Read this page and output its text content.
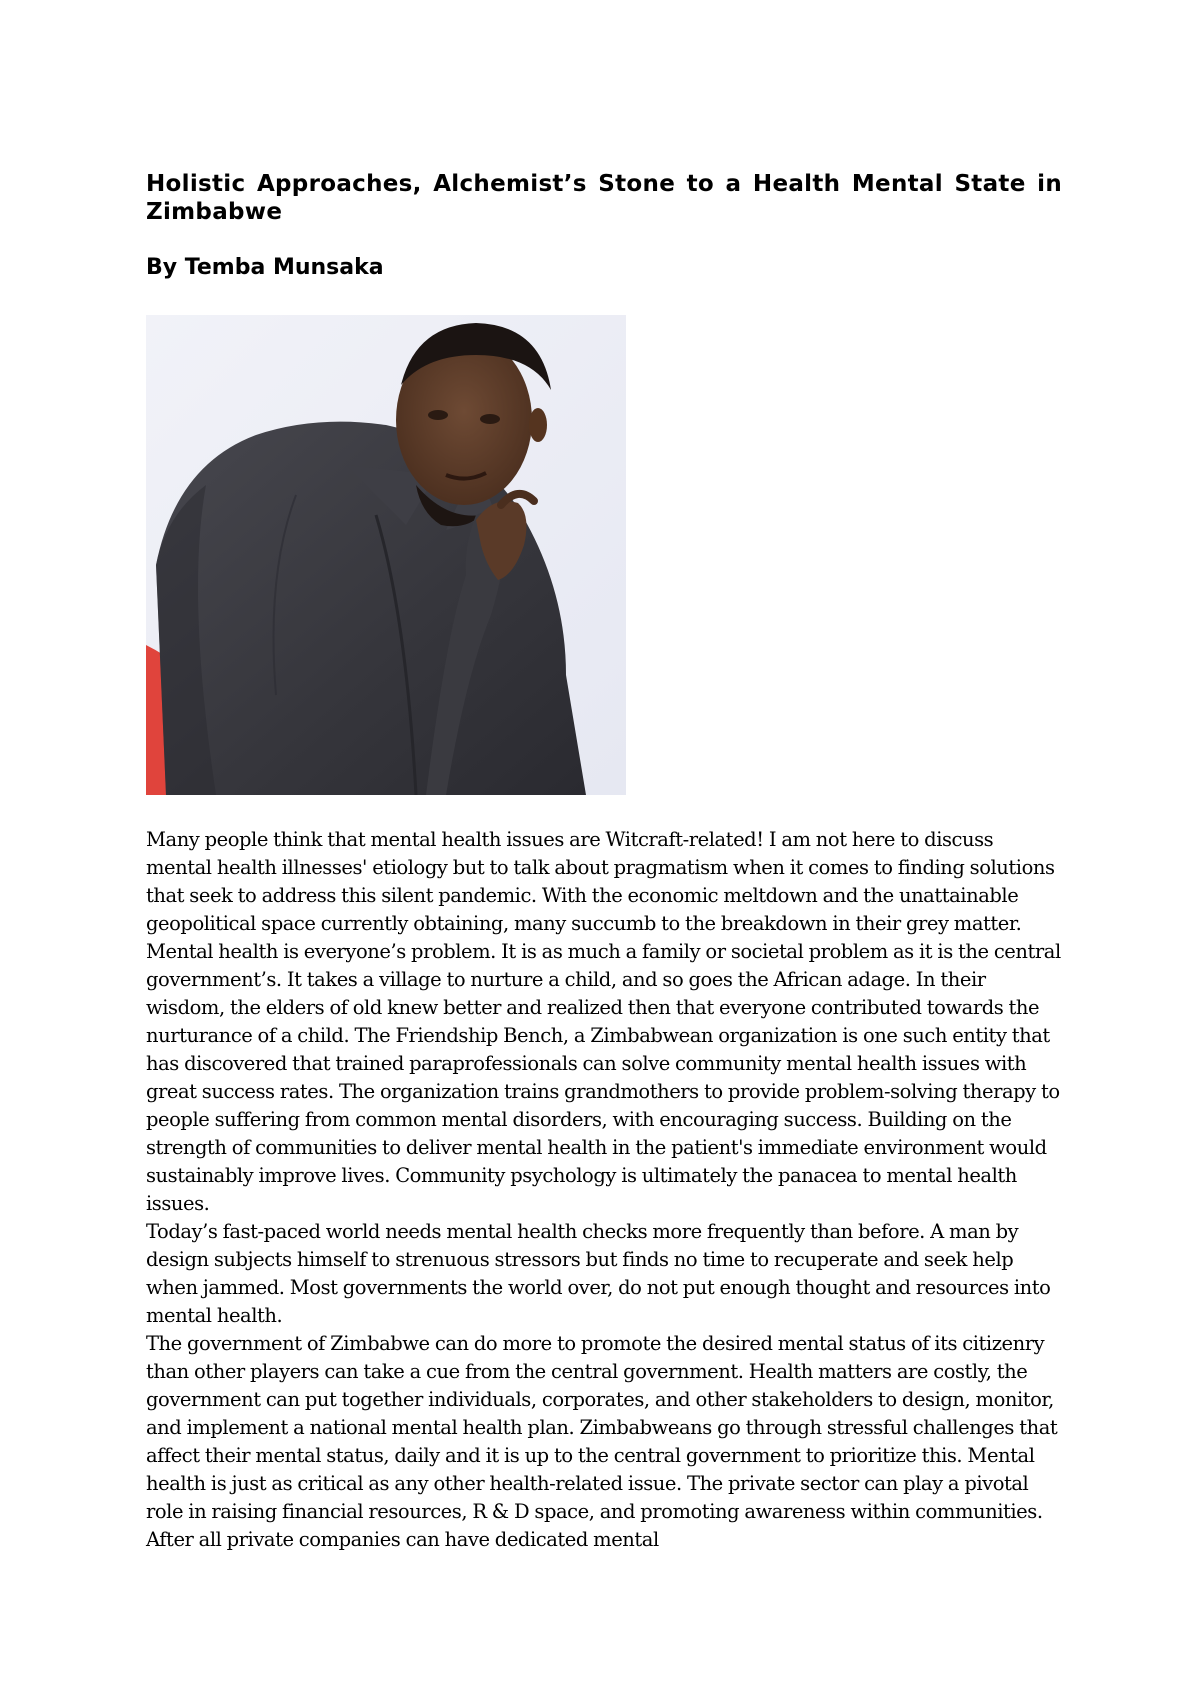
Holistic Approaches, Alchemist’s Stone to a Health Mental State in Zimbabwe
By Temba Munsaka

Many people think that mental health issues are Witcraft-related! I am not here to discuss mental health illnesses' etiology but to talk about pragmatism when it comes to finding solutions that seek to address this silent pandemic. With the economic meltdown and the unattainable geopolitical space currently obtaining, many succumb to the breakdown in their grey matter. Mental health is everyone’s problem. It is as much a family or societal problem as it is the central government’s. It takes a village to nurture a child, and so goes the African adage. In their wisdom, the elders of old knew better and realized then that everyone contributed towards the nurturance of a child. The Friendship Bench, a Zimbabwean organization is one such entity that has discovered that trained paraprofessionals can solve community mental health issues with great success rates. The organization trains grandmothers to provide problem-solving therapy to people suffering from common mental disorders, with encouraging success. Building on the strength of communities to deliver mental health in the patient's immediate environment would sustainably improve lives. Community psychology is ultimately the panacea to mental health issues.

Today’s fast-paced world needs mental health checks more frequently than before. A man by design subjects himself to strenuous stressors but finds no time to recuperate and seek help when jammed. Most governments the world over, do not put enough thought and resources into mental health.

The government of Zimbabwe can do more to promote the desired mental status of its citizenry than other players can take a cue from the central government. Health matters are costly, the government can put together individuals, corporates, and other stakeholders to design, monitor, and implement a national mental health plan. Zimbabweans go through stressful challenges that affect their mental status, daily and it is up to the central government to prioritize this. Mental health is just as critical as any other health-related issue. The private sector can play a pivotal role in raising financial resources, R & D space, and promoting awareness within communities. After all private companies can have dedicated mental
